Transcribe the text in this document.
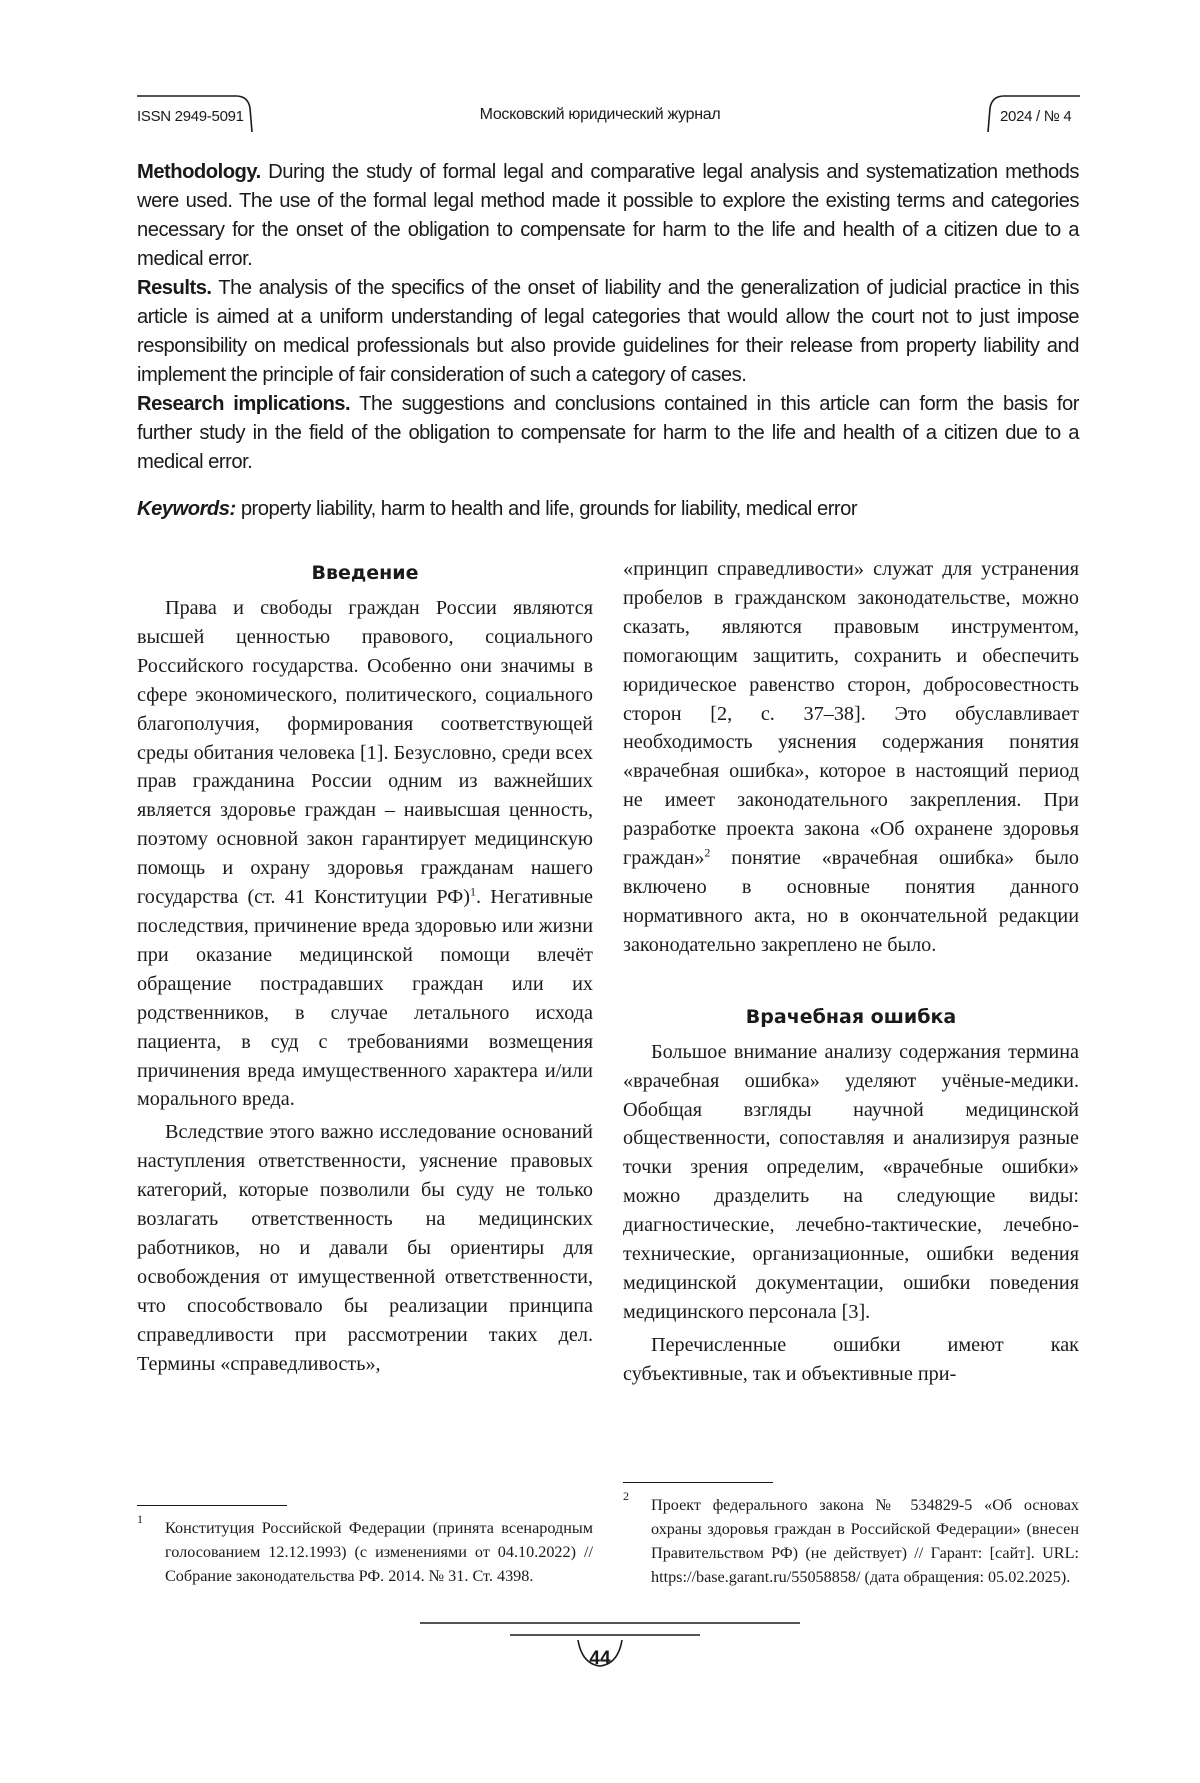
ISSN 2949-5091	Московский юридический журнал	2024 / № 4

Methodology. During the study of formal legal and comparative legal analysis and systematization methods were used. The use of the formal legal method made it possible to explore the existing terms and categories necessary for the onset of the obligation to compensate for harm to the life and health of a citizen due to a medical error.

Results. The analysis of the specifics of the onset of liability and the generalization of judicial practice in this article is aimed at a uniform understanding of legal categories that would allow the court not to just impose responsibility on medical professionals but also provide guidelines for their release from property liability and implement the principle of fair consideration of such a category of cases.

Research implications. The suggestions and conclusions contained in this article can form the basis for further study in the field of the obligation to compensate for harm to the life and health of a citizen due to a medical error.

Keywords: property liability, harm to health and life, grounds for liability, medical error
Введение

Права и свободы граждан России являются высшей ценностью правового, социального Российского государства. Особенно они значимы в сфере экономического, политического, социального благополучия, формирования соответствующей среды обитания человека [1]. Безусловно, среди всех прав гражданина России одним из важнейших является здоровье граждан – наивысшая ценность, поэтому основной закон гарантирует медицинскую помощь и охрану здоровья гражданам нашего государства (ст. 41 Конституции РФ)$^1$. Негативные последствия, причинение вреда здоровью или жизни при оказание медицинской помощи влечёт обращение пострадавших граждан или их родственников, в случае летального исхода пациента, в суд с требованиями возмещения причинения вреда имущественного характера и/или морального вреда.

Вследствие этого важно исследование оснований наступления ответственности, уяснение правовых категорий, которые позволили бы суду не только возлагать ответственность на медицинских работников, но и давали бы ориентиры для освобождения от имущественной ответственности, что способствовало бы реализации принципа справедливости при рассмотрении таких дел. Термины «справедливость»,

«принцип справедливости» служат для устранения пробелов в гражданском законодательстве, можно сказать, являются правовым инструментом, помогающим защитить, сохранить и обеспечить юридическое равенство сторон, добросовестность сторон [2, с. 37–38]. Это обуславливает необходимость уяснения содержания понятия «врачебная ошибка», которое в настоящий период не имеет законодательного закрепления. При разработке проекта закона «Об охранене здоровья граждан»$^2$ понятие «врачебная ошибка» было включено в основные понятия данного нормативного акта, но в окончательной редакции законодательно закреплено не было.

Врачебная ошибка

Большое внимание анализу содержания термина «врачебная ошибка» уделяют учёные-медики. Обобщая взгляды научной медицинской общественности, сопоставляя и анализируя разные точки зрения определим, «врачебные ошибки» можно дразделить на следующие виды: диагностические, лечебно-тактические, лечебно-технические, организационные, ошибки ведения медицинской документации, ошибки поведения медицинского персонала [3].

Перечисленные ошибки имеют как субъективные, так и объективные при-

1 Конституция Российской Федерации (принята всенародным голосованием 12.12.1993) (с изменениями от 04.10.2022) // Собрание законодательства РФ. 2014. № 31. Ст. 4398.
2 Проект федерального закона № 534829-5 «Об основах охраны здоровья граждан в Российской Федерации» (внесен Правительством РФ) (не действует) // Гарант: [сайт]. URL: https://base.garant.ru/55058858/ (дата обращения: 05.02.2025).
44
